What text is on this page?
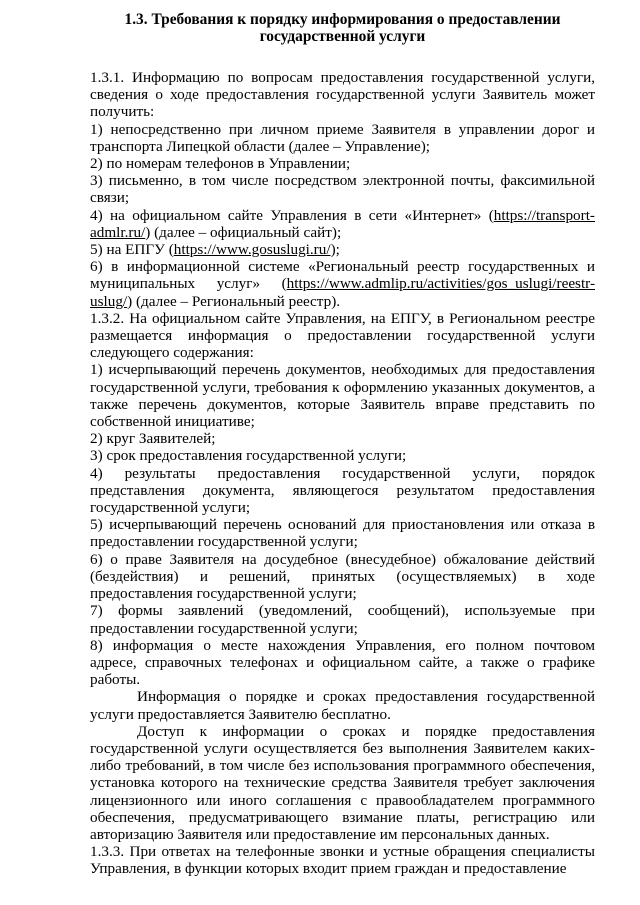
1.3. Требования к порядку информирования о предоставлении государственной услуги

1.3.1. Информацию по вопросам предоставления государственной услуги, сведения о ходе предоставления государственной услуги Заявитель может получить:

1) непосредственно при личном приеме Заявителя в управлении дорог и транспорта Липецкой области (далее – Управление);

2) по номерам телефонов в Управлении;

3) письменно, в том числе посредством электронной почты, факсимильной связи;

4) на официальном сайте Управления в сети «Интернет» (https://transport-admlr.ru/) (далее – официальный сайт);

5) на ЕПГУ (https://www.gosuslugi.ru/);

6) в информационной системе «Региональный реестр государственных и муниципальных услуг» (https://www.admlip.ru/activities/gos_uslugi/reestr-uslug/) (далее – Региональный реестр).

1.3.2. На официальном сайте Управления, на ЕПГУ, в Региональном реестре размещается информация о предоставлении государственной услуги следующего содержания:

1) исчерпывающий перечень документов, необходимых для предоставления государственной услуги, требования к оформлению указанных документов, а также перечень документов, которые Заявитель вправе представить по собственной инициативе;

2) круг Заявителей;

3) срок предоставления государственной услуги;

4) результаты предоставления государственной услуги, порядок представления документа, являющегося результатом предоставления государственной услуги;

5) исчерпывающий перечень оснований для приостановления или отказа в предоставлении государственной услуги;

6) о праве Заявителя на досудебное (внесудебное) обжалование действий (бездействия) и решений, принятых (осуществляемых) в ходе предоставления государственной услуги;

7) формы заявлений (уведомлений, сообщений), используемые при предоставлении государственной услуги;

8) информация о месте нахождения Управления, его полном почтовом адресе, справочных телефонах и официальном сайте, а также о графике работы.

Информация о порядке и сроках предоставления государственной услуги предоставляется Заявителю бесплатно.

Доступ к информации о сроках и порядке предоставления государственной услуги осуществляется без выполнения Заявителем каких-либо требований, в том числе без использования программного обеспечения, установка которого на технические средства Заявителя требует заключения лицензионного или иного соглашения с правообладателем программного обеспечения, предусматривающего взимание платы, регистрацию или авторизацию Заявителя или предоставление им персональных данных.

1.3.3. При ответах на телефонные звонки и устные обращения специалисты Управления, в функции которых входит прием граждан и предоставление
